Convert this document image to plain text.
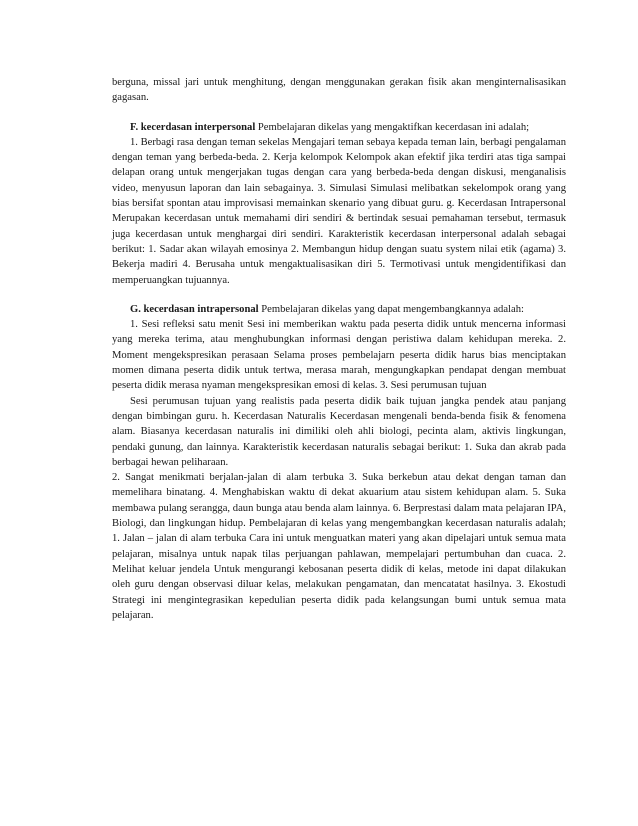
berguna, missal jari untuk menghitung, dengan menggunakan gerakan fisik akan menginternalisasikan gagasan.

F. kecerdasan interpersonal Pembelajaran dikelas yang mengaktifkan kecerdasan ini adalah;

1. Berbagi rasa dengan teman sekelas Mengajari teman sebaya kepada teman lain, berbagi pengalaman dengan teman yang berbeda-beda. 2. Kerja kelompok Kelompok akan efektif jika terdiri atas tiga sampai delapan orang untuk mengerjakan tugas dengan cara yang berbeda-beda dengan diskusi, menganalisis video, menyusun laporan dan lain sebagainya. 3. Simulasi Simulasi melibatkan sekelompok orang yang bias bersifat spontan atau improvisasi memainkan skenario yang dibuat guru. g. Kecerdasan Intrapersonal Merupakan kecerdasan untuk memahami diri sendiri & bertindak sesuai pemahaman tersebut, termasuk juga kecerdasan untuk menghargai diri sendiri. Karakteristik kecerdasan interpersonal adalah sebagai berikut: 1. Sadar akan wilayah emosinya 2. Membangun hidup dengan suatu system nilai etik (agama) 3. Bekerja madiri 4. Berusaha untuk mengaktualisasikan diri 5. Termotivasi untuk mengidentifikasi dan memperuangkan tujuannya.

G. kecerdasan intrapersonal Pembelajaran dikelas yang dapat mengembangkannya adalah:

1. Sesi refleksi satu menit Sesi ini memberikan waktu pada peserta didik untuk mencerna informasi yang mereka terima, atau menghubungkan informasi dengan peristiwa dalam kehidupan mereka. 2. Moment mengekspresikan perasaan Selama proses pembelajarn peserta didik harus bias menciptakan momen dimana peserta didik untuk tertwa, merasa marah, mengungkapkan pendapat dengan membuat peserta didik merasa nyaman mengekspresikan emosi di kelas. 3. Sesi perumusan tujuan

Sesi perumusan tujuan yang realistis pada peserta didik baik tujuan jangka pendek atau panjang dengan bimbingan guru. h. Kecerdasan Naturalis Kecerdasan mengenali benda-benda fisik & fenomena alam. Biasanya kecerdasan naturalis ini dimiliki oleh ahli biologi, pecinta alam, aktivis lingkungan, pendaki gunung, dan lainnya. Karakteristik kecerdasan naturalis sebagai berikut: 1. Suka dan akrab pada berbagai hewan peliharaan.

2. Sangat menikmati berjalan-jalan di alam terbuka 3. Suka berkebun atau dekat dengan taman dan memelihara binatang. 4. Menghabiskan waktu di dekat akuarium atau sistem kehidupan alam. 5. Suka membawa pulang serangga, daun bunga atau benda alam lainnya. 6. Berprestasi dalam mata pelajaran IPA, Biologi, dan lingkungan hidup. Pembelajaran di kelas yang mengembangkan kecerdasan naturalis adalah; 1. Jalan – jalan di alam terbuka Cara ini untuk menguatkan materi yang akan dipelajari untuk semua mata pelajaran, misalnya untuk napak tilas perjuangan pahlawan, mempelajari pertumbuhan dan cuaca. 2. Melihat keluar jendela Untuk mengurangi kebosanan peserta didik di kelas, metode ini dapat dilakukan oleh guru dengan observasi diluar kelas, melakukan pengamatan, dan mencatatat hasilnya. 3. Ekostudi Strategi ini mengintegrasikan kepedulian peserta didik pada kelangsungan bumi untuk semua mata pelajaran.
